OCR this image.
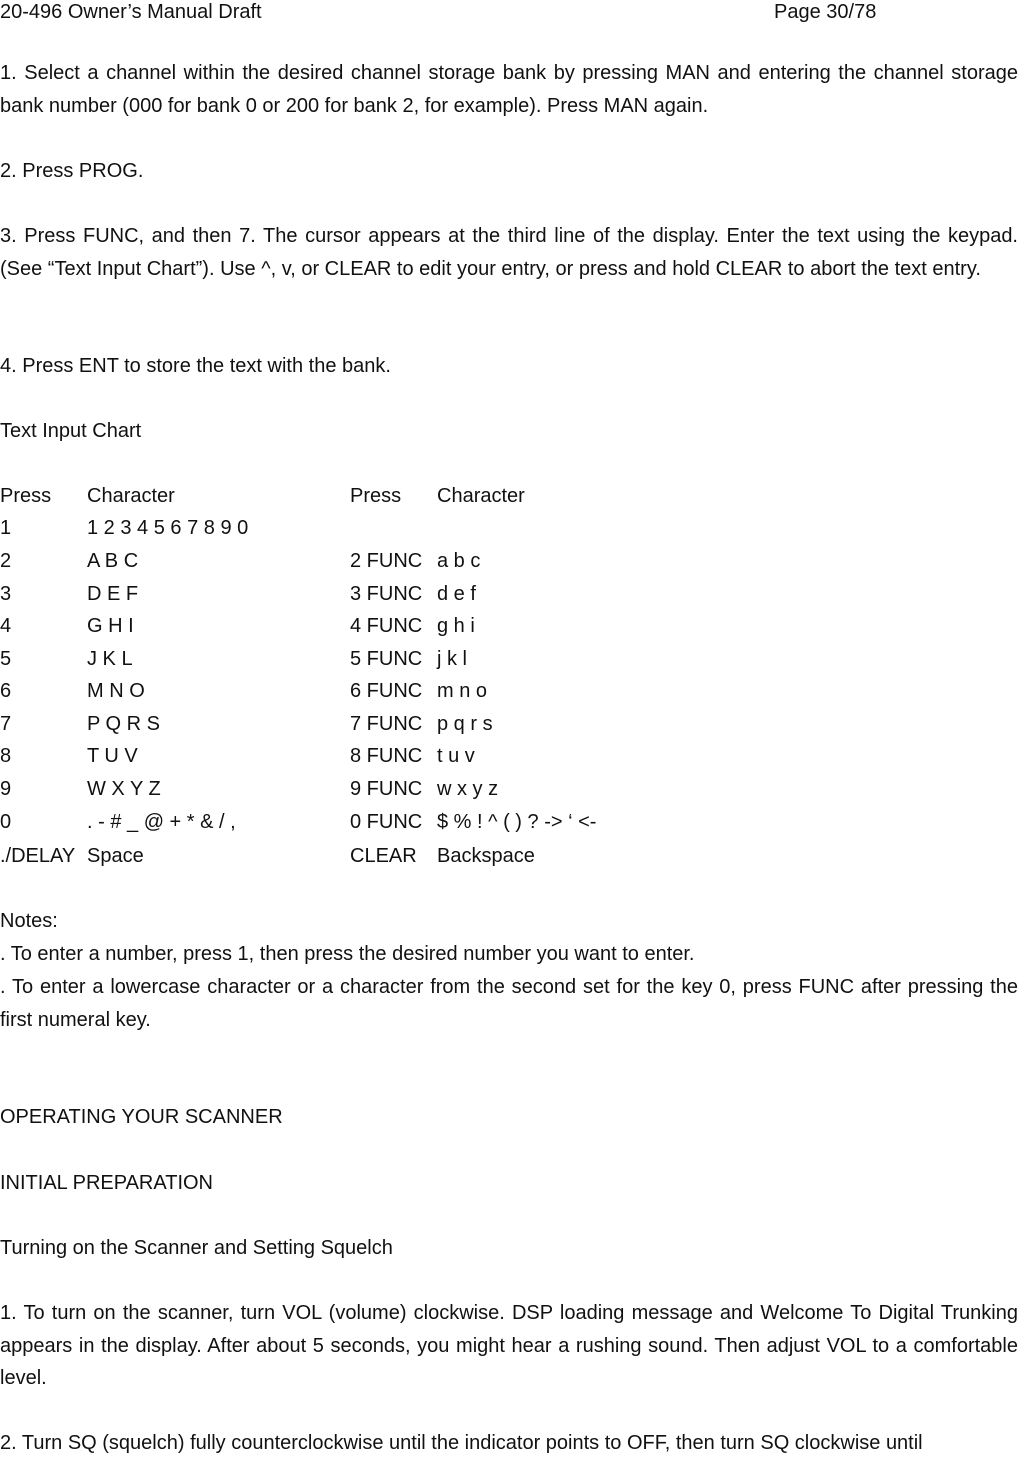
20-496 Owner’s Manual Draft	Page 30/78

1. Select a channel within the desired channel storage bank by pressing MAN and entering the channel storage bank number (000 for bank 0 or 200 for bank 2, for example). Press MAN again.

2. Press PROG.

3. Press FUNC, and then 7. The cursor appears at the third line of the display. Enter the text using the keypad. (See “Text Input Chart”). Use ^, v, or CLEAR to edit your entry, or press and hold CLEAR to abort the text entry.

4. Press ENT to store the text with the bank.

Text Input Chart
Press Character	Press Character
1	1 2 3 4 5 6 7 8 9 0
2	A B C	2 FUNC a b c
3	D E F	3 FUNC d e f
4	G H I	4 FUNC g h i
5	J K L	5 FUNC j k l
6	M N O	6 FUNC m n o
7	P Q R S	7 FUNC p q r s
8	T U V	8 FUNC t u v
9	W X Y Z	9 FUNC w x y z
0	. - # _ @ + * & / ,	0 FUNC $ % ! ^ ( ) ? -> ‘ <-
./DELAY Space	CLEAR Backspace
Notes:

. To enter a number, press 1, then press the desired number you want to enter.

. To enter a lowercase character or a character from the second set for the key 0, press FUNC after pressing the first numeral key.

OPERATING YOUR SCANNER
INITIAL PREPARATION
Turning on the Scanner and Setting Squelch

1. To turn on the scanner, turn VOL (volume) clockwise. DSP loading message and Welcome To Digital Trunking appears in the display. After about 5 seconds, you might hear a rushing sound. Then adjust VOL to a comfortable level.

2. Turn SQ (squelch) fully counterclockwise until the indicator points to OFF, then turn SQ clockwise until
